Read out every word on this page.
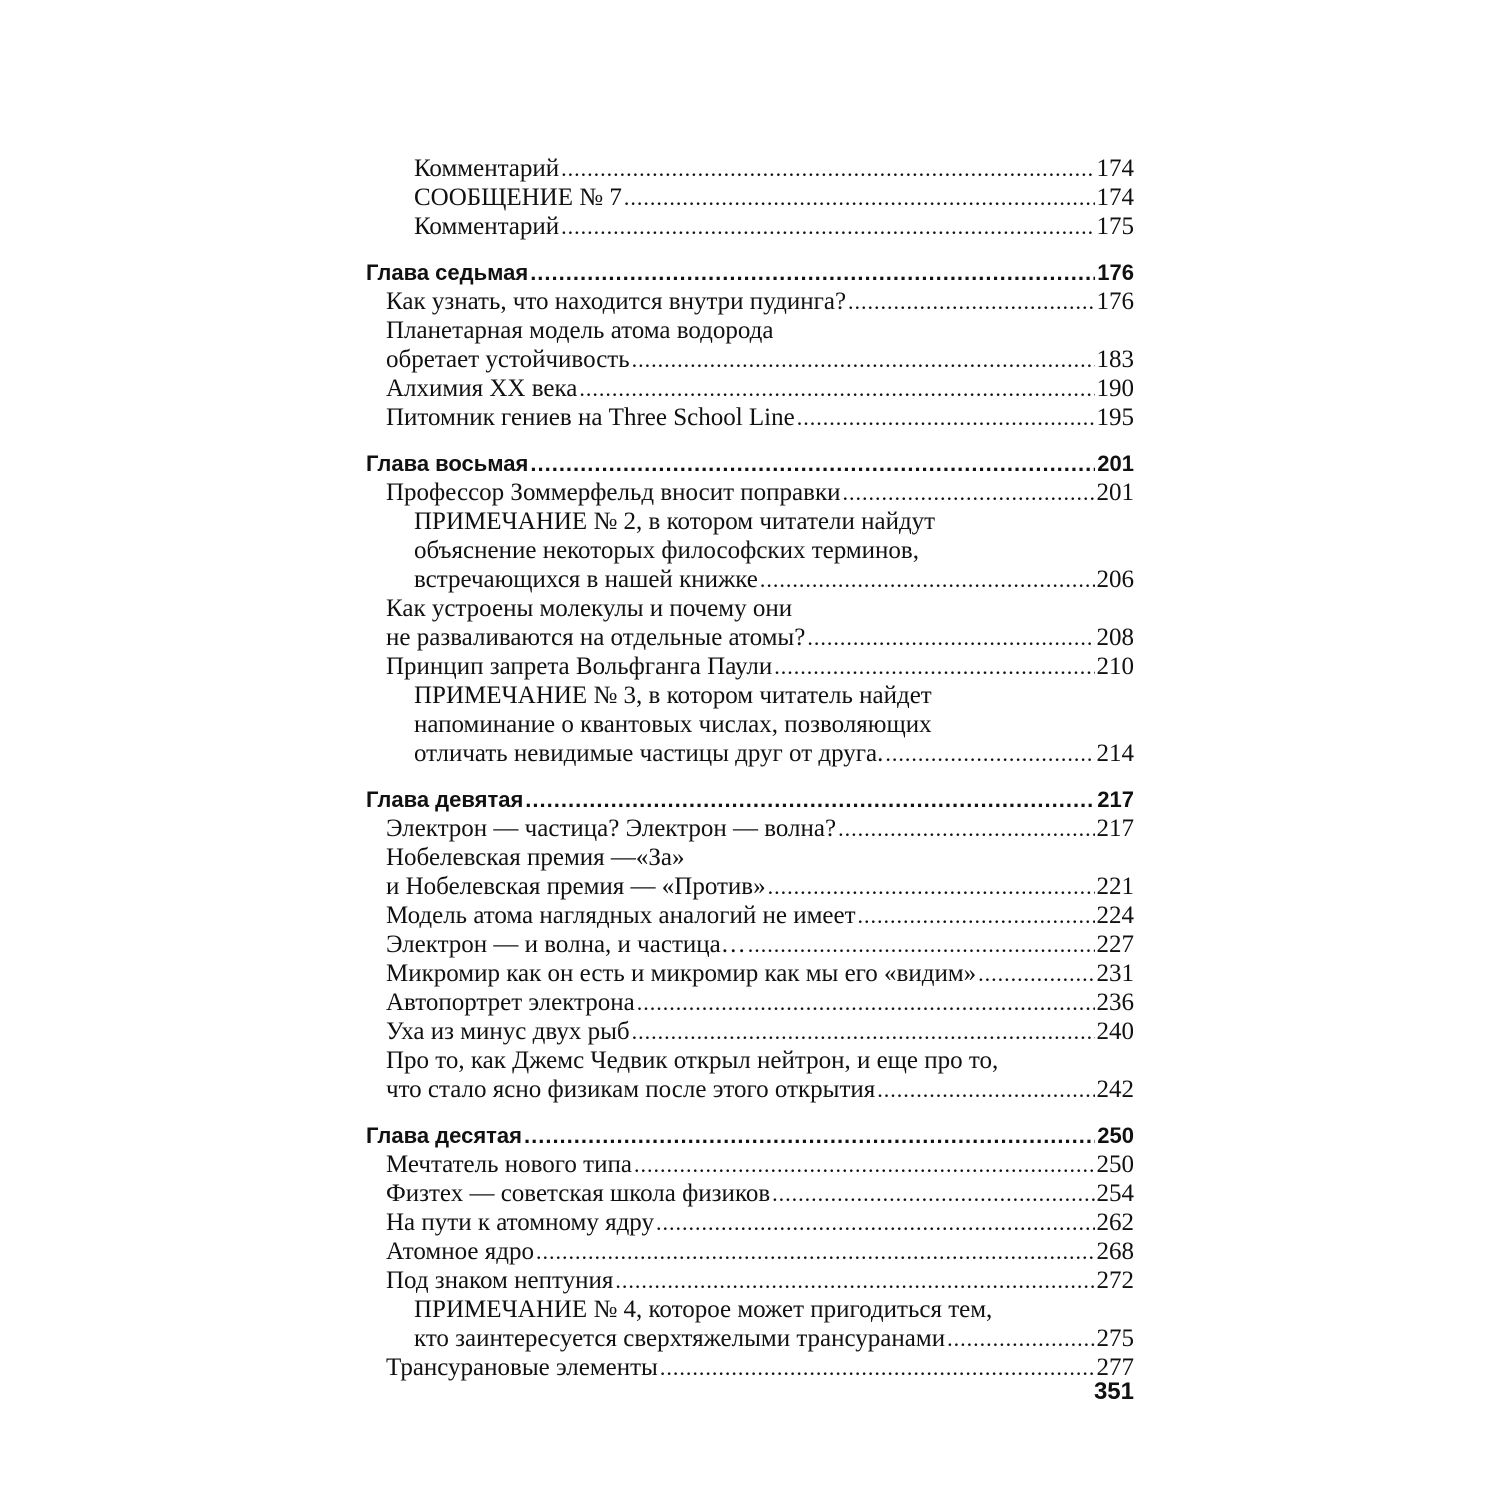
Комментарий .....	174
СООБЩЕНИЕ № 7 .....	174
Комментарий .....	175
Глава седьмая .....	176
Как узнать, что находится внутри пудинга? .....	176
Планетарная модель атома водорода
обретает устойчивость .....	183
Алхимия XX века .....	190
Питомник гениев на Three School Line .....	195
Глава восьмая .....	201
Профессор Зоммерфельд вносит поправки .....	201
ПРИМЕЧАНИЕ № 2, в котором читатели найдут
объяснение некоторых философских терминов,
встречающихся в нашей книжке .....	206
Как устроены молекулы и почему они
не разваливаются на отдельные атомы? .....	208
Принцип запрета Вольфганга Паули .....	210
ПРИМЕЧАНИЕ № 3, в котором читатель найдет
напоминание о квантовых числах, позволяющих
отличать невидимые частицы друг от друга. .....	214
Глава девятая .....	217
Электрон — частица? Электрон — волна? .....	217
Нобелевская премия —«За»
и Нобелевская премия — «Против» .....	221
Модель атома наглядных аналогий не имеет .....	224
Электрон — и волна, и частица… .....	227
Микромир как он есть и микромир как мы его «видим» .....	231
Автопортрет электрона .....	236
Уха из минус двух рыб .....	240
Про то, как Джемс Чедвик открыл нейтрон, и еще про то,
что стало ясно физикам после этого открытия .....	242
Глава десятая .....	250
Мечтатель нового типа .....	250
Физтех — советская школа физиков .....	254
На пути к атомному ядру .....	262
Атомное ядро .....	268
Под знаком нептуния .....	272
ПРИМЕЧАНИЕ № 4, которое может пригодиться тем,
кто заинтересуется сверхтяжелыми трансуранами .....	275
Трансурановые элементы .....	277
351
